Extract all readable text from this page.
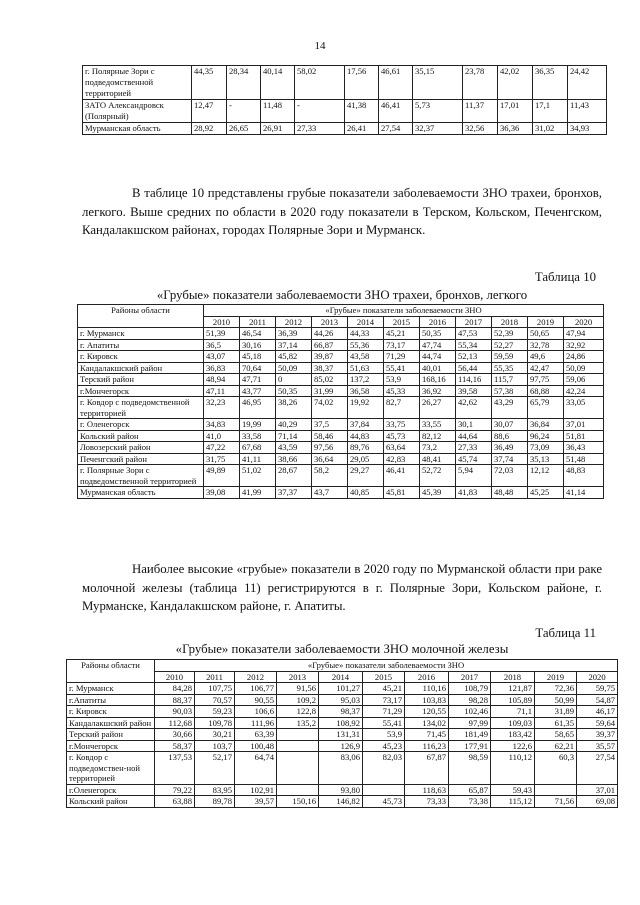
14
г. Полярные Зори с подведомственной территорией	44,35	28,34	40,14	58,02	17,56	46,61	35,15	23,78	42,02	36,35	24,42
ЗАТО Александровск (Полярный)	12,47	-	11,48	-	41,38	46,41	5,73	11,37	17,01	17,1	11,43
Мурманская область	28,92	26,65	26,91	27,33	26,41	27,54	32,37	32,56	36,36	31,02	34,93

В таблице 10 представлены грубые показатели заболеваемости ЗНО трахеи, бронхов, легкого. Выше средних по области в 2020 году показатели в Терском, Кольском, Печенгском, Кандалакшском районах, городах Полярные Зори и Мурманск.

Таблица 10

«Грубые» показатели заболеваемости ЗНО трахеи, бронхов, легкого

Районы области	«Грубые» показатели заболеваемости ЗНО										
	2010	2011	2012	2013	2014	2015	2016	2017	2018	2019	2020
г. Мурманск	51,39	46,54	36,39	44,26	44,33	45,21	50,35	47,53	52,39	50,65	47,94
г. Апатиты	36,5	30,16	37,14	66,87	55,36	73,17	47,74	55,34	52,27	32,78	32,92
г. Кировск	43,07	45,18	45,82	39,87	43,58	71,29	44,74	52,13	59,59	49,6	24,86
Кандалакшский район	36,83	70,64	50,09	38,37	51,63	55,41	40,01	56,44	55,35	42,47	50,09
Терский район	48,94	47,71	0	85,02	137,2	53,9	168,16	114,16	115,7	97,75	59,06
г.Мончегорск	47,11	43,77	50,35	31,99	36,58	45,33	36,92	39,58	57,38	68,88	42,24
г. Ковдор с подведомственной территорией	32,23	46,95	38,26	74,02	19,92	82,7	26,27	42,62	43,29	65,79	33,05
г. Оленегорск	34,83	19,99	40,29	37,5	37,84	33,75	33,55	30,1	30,07	36,84	37,01
Кольский район	41,0	33,58	71,14	58,46	44,83	45,73	82,12	44,64	88,6	96,24	51,81
Ловозерский район	47,22	67,68	43,59	97,56	89,76	63,64	73,2	27,33	36,49	73,09	36,43
Печенгский район	31,75	41,11	38,66	36,64	29,05	42,83	48,41	45,74	37,74	35,13	51,48
г. Полярные Зори с подведомственной территорией	49,89	51,02	28,67	58,2	29,27	46,41	52,72	5,94	72,03	12,12	48,83
Мурманская область	39,08	41,99	37,37	43,7	40,85	45,81	45,39	41,83	48,48	45,25	41,14

Наиболее высокие «грубые» показатели в 2020 году по Мурманской области при раке молочной железы (таблица 11) регистрируются в г. Полярные Зори, Кольском районе, г. Мурманске, Кандалакшском районе, г. Апатиты.

Таблица 11

«Грубые» показатели заболеваемости ЗНО молочной железы

Районы области	«Грубые» показатели заболеваемости ЗНО										
	2010	2011	2012	2013	2014	2015	2016	2017	2018	2019	2020
г. Мурманск	84,28	107,75	106,77	91,56	101,27	45,21	110,16	108,79	121,87	72,36	59,75
г.Апатиты	88,37	70,57	90,55	109,2	95,03	73,17	103,83	98,28	105,89	50,99	54,87
г. Кировск	90,03	59,23	106,6	122,8	98,37	71,29	120,55	102,46	71,1	31,89	46,17
Кандалакшский район	112,68	109,78	111,96	135,2	108,92	55,41	134,02	97,99	109,03	61,35	59,64
Терский район	30,66	30,21	63,39		131,31	53,9	71,45	181,49	183,42	58,65	39,37
г.Мончегорск	58,37	103,7	100,48		126,9	45,23	116,23	177,91	122,6	62,21	35,57
г. Ковдор с подведомствен-ной территорией	137,53	52,17	64,74		83,06	82,03	67,87	98,59	110,12	60,3	27,54
г.Оленегорск	79,22	83,95	102,91		93,80		118,63	65,87	59,43		37,01
Кольский район	63,88	89,78	39,57	150,16	146,82	45,73	73,33	73,38	115,12	71,56	69,08
